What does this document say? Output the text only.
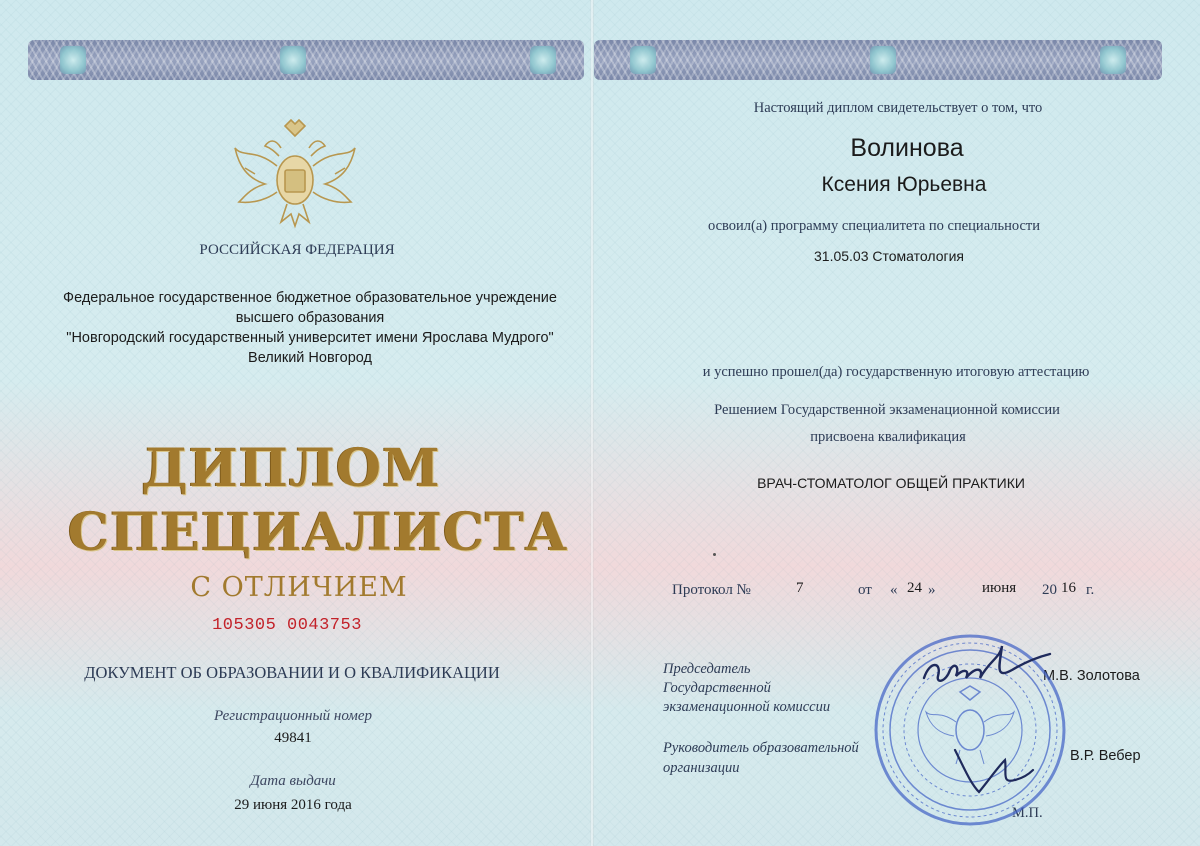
РОССИЙСКАЯ ФЕДЕРАЦИЯ
Федеральное государственное бюджетное образовательное учреждение
высшего образования
"Новгородский государственный университет имени Ярослава Мудрого"
Великий Новгород
ДИПЛОМ
СПЕЦИАЛИСТА
С ОТЛИЧИЕМ
105305 0043753
ДОКУМЕНТ ОБ ОБРАЗОВАНИИ И О КВАЛИФИКАЦИИ
Регистрационный номер
49841
Дата выдачи
29 июня 2016 года
Настоящий диплом свидетельствует о том, что
Волинова
Ксения Юрьевна
освоил(а) программу специалитета по специальности
31.05.03 Стоматология
и успешно прошел(да) государственную итоговую аттестацию
Решением Государственной экзаменационной комиссии
присвоена квалификация
ВРАЧ-СТОМАТОЛОГ ОБЩЕЙ ПРАКТИКИ
Протокол №	7	от « 24 »	июня 20 16 г.
Председатель
Государственной
экзаменационной комиссии
М.В. Золотова
Руководитель образовательной
организации
В.Р. Вебер
М.П.
